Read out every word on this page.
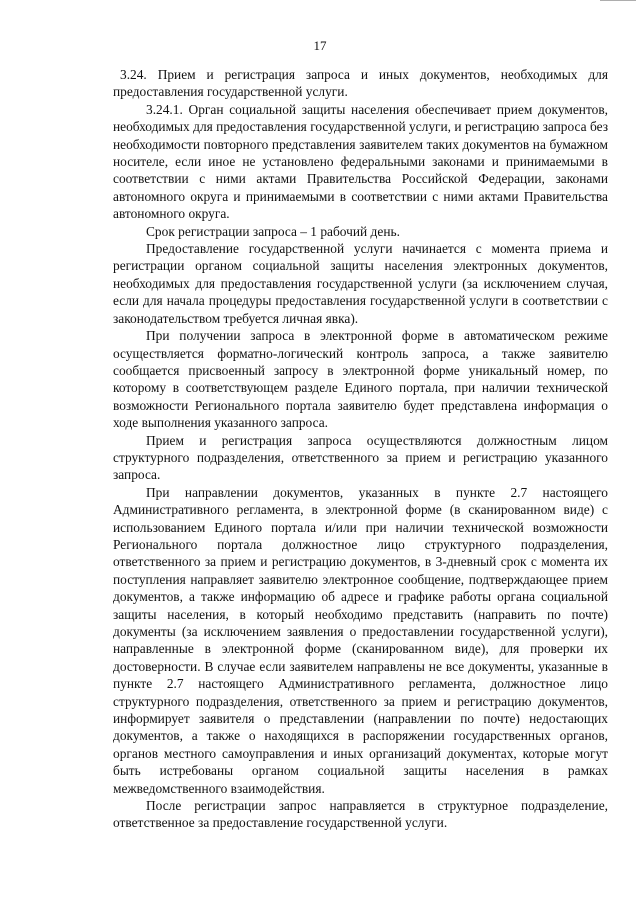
17

3.24. Прием и регистрация запроса и иных документов, необходимых для предоставления государственной услуги.

3.24.1. Орган социальной защиты населения обеспечивает прием документов, необходимых для предоставления государственной услуги, и регистрацию запроса без необходимости повторного представления заявителем таких документов на бумажном носителе, если иное не установлено федеральными законами и принимаемыми в соответствии с ними актами Правительства Российской Федерации, законами автономного округа и принимаемыми в соответствии с ними актами Правительства автономного округа.

Срок регистрации запроса – 1 рабочий день.

Предоставление государственной услуги начинается с момента приема и регистрации органом социальной защиты населения электронных документов, необходимых для предоставления государственной услуги (за исключением случая, если для начала процедуры предоставления государственной услуги в соответствии с законодательством требуется личная явка).

При получении запроса в электронной форме в автоматическом режиме осуществляется форматно-логический контроль запроса, а также заявителю сообщается присвоенный запросу в электронной форме уникальный номер, по которому в соответствующем разделе Единого портала, при наличии технической возможности Регионального портала заявителю будет представлена информация о ходе выполнения указанного запроса.

Прием и регистрация запроса осуществляются должностным лицом структурного подразделения, ответственного за прием и регистрацию указанного запроса.

При направлении документов, указанных в пункте 2.7 настоящего Административного регламента, в электронной форме (в сканированном виде) с использованием Единого портала и/или при наличии технической возможности Регионального портала должностное лицо структурного подразделения, ответственного за прием и регистрацию документов, в 3-дневный срок с момента их поступления направляет заявителю электронное сообщение, подтверждающее прием документов, а также информацию об адресе и графике работы органа социальной защиты населения, в который необходимо представить (направить по почте) документы (за исключением заявления о предоставлении государственной услуги), направленные в электронной форме (сканированном виде), для проверки их достоверности. В случае если заявителем направлены не все документы, указанные в пункте 2.7 настоящего Административного регламента, должностное лицо структурного подразделения, ответственного за прием и регистрацию документов, информирует заявителя о представлении (направлении по почте) недостающих документов, а также о находящихся в распоряжении государственных органов, органов местного самоуправления и иных организаций документах, которые могут быть истребованы органом социальной защиты населения в рамках межведомственного взаимодействия.

После регистрации запрос направляется в структурное подразделение, ответственное за предоставление государственной услуги.
